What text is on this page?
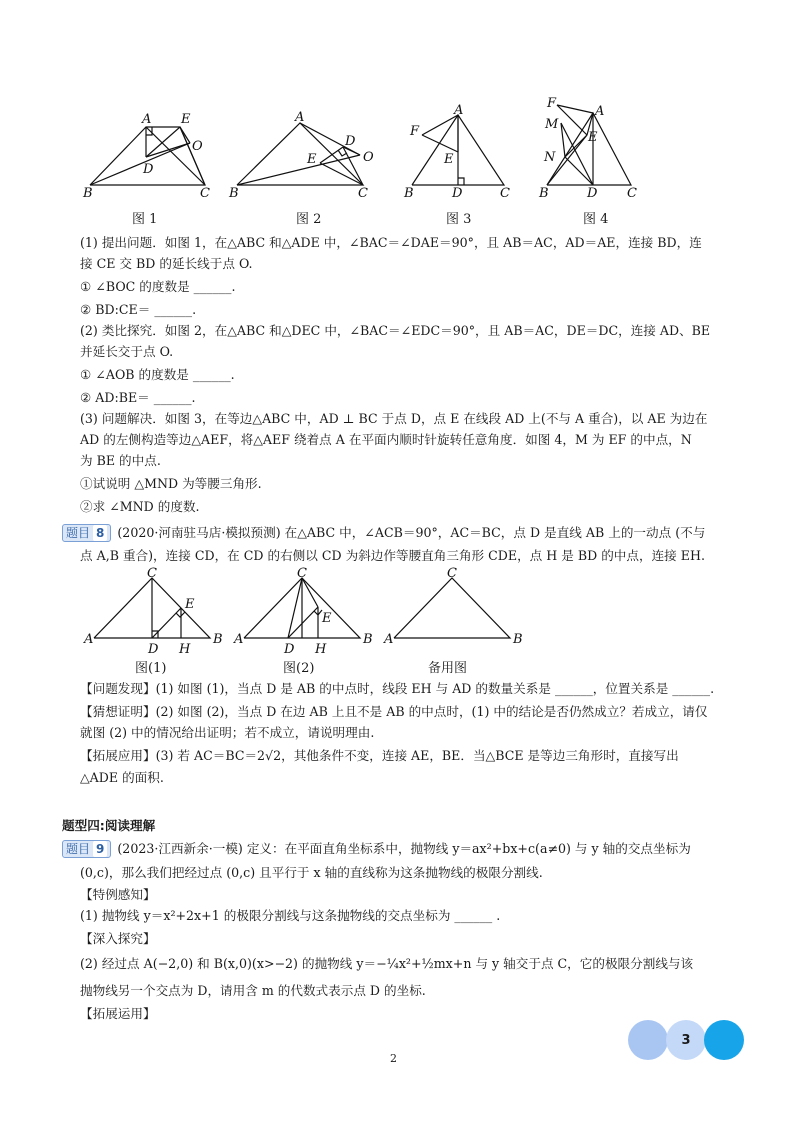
A E
O
D
B	C
图 1
A
D
O
E
B	C
图 2
A
F
E
B	D	C
图 3
F
A
M
E
N
B	D C
图 4
(1) 提出问题．如图 1，在△ABC 和△ADE 中，∠BAC＝∠DAE＝90°，且 AB＝AC，AD＝AE，连接 BD，连
接 CE 交 BD 的延长线于点 O.
① ∠BOC 的度数是 ______.
② BD:CE＝ ______.
(2) 类比探究．如图 2，在△ABC 和△DEC 中，∠BAC＝∠EDC＝90°，且 AB＝AC，DE＝DC，连接 AD、BE
并延长交于点 O.
① ∠AOB 的度数是 ______.
② AD:BE＝ ______.
(3) 问题解决．如图 3，在等边△ABC 中，AD ⊥ BC 于点 D，点 E 在线段 AD 上(不与 A 重合)，以 AE 为边在
AD 的左侧构造等边△AEF，将△AEF 绕着点 A 在平面内顺时针旋转任意角度．如图 4，M 为 EF 的中点，N
为 BE 的中点.
①试说明 △MND 为等腰三角形.
②求 ∠MND 的度数.
题目 8 (2020·河南驻马店·模拟预测) 在△ABC 中，∠ACB＝90°，AC＝BC，点 D 是直线 AB 上的一动点 (不与
点 A,B 重合)，连接 CD，在 CD 的右侧以 CD 为斜边作等腰直角三角形 CDE，点 H 是 BD 的中点，连接 EH.
C
E
A	B
D H
图(1)
C
E
A	B
D H
图(2)
C
A	B
备用图
【问题发现】(1) 如图 (1)，当点 D 是 AB 的中点时，线段 EH 与 AD 的数量关系是 ______，位置关系是 ______.
【猜想证明】(2) 如图 (2)，当点 D 在边 AB 上且不是 AB 的中点时，(1) 中的结论是否仍然成立？若成立，请仅
就图 (2) 中的情况给出证明；若不成立，请说明理由.
【拓展应用】(3) 若 AC＝BC＝2√2，其他条件不变，连接 AE，BE．当△BCE 是等边三角形时，直接写出
△ADE 的面积.
题型四:阅读理解
题目 9 (2023·江西新余·一模) 定义：在平面直角坐标系中，抛物线 y＝ax²+bx+c(a≠0) 与 y 轴的交点坐标为
(0,c)，那么我们把经过点 (0,c) 且平行于 x 轴的直线称为这条抛物线的极限分割线.
【特例感知】
(1) 抛物线 y＝x²+2x+1 的极限分割线与这条抛物线的交点坐标为 ______ .
【深入探究】
(2) 经过点 A(−2,0) 和 B(x,0)(x>−2) 的抛物线 y＝−¼x²+½mx+n 与 y 轴交于点 C，它的极限分割线与该
抛物线另一个交点为 D，请用含 m 的代数式表示点 D 的坐标.
【拓展运用】
2
3
